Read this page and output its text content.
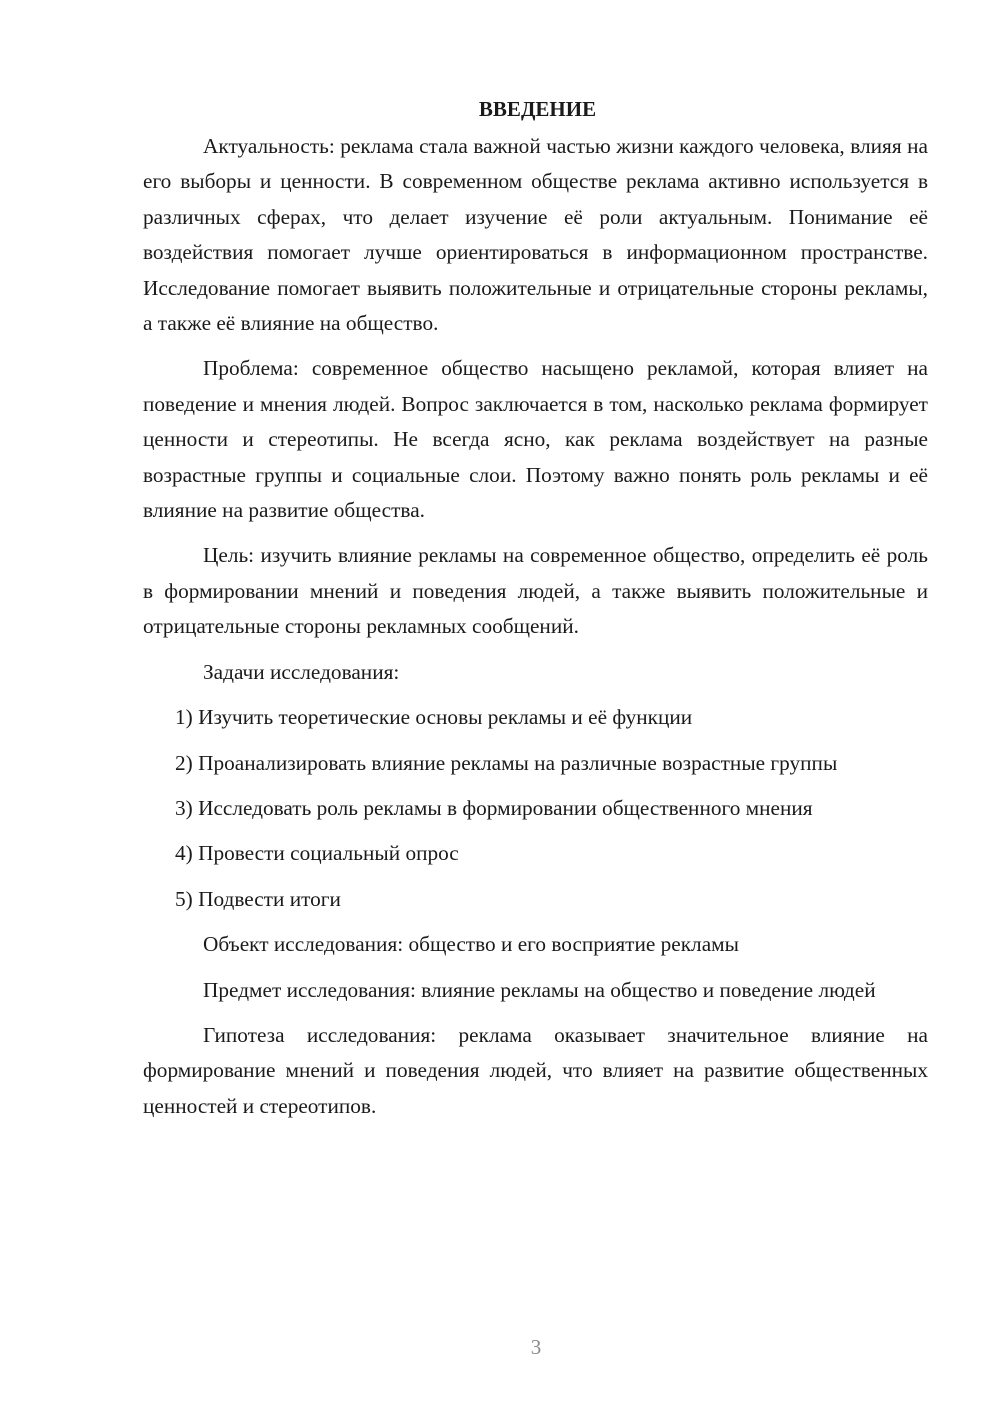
ВВЕДЕНИЕ

Актуальность: реклама стала важной частью жизни каждого человека, влияя на его выборы и ценности. В современном обществе реклама активно используется в различных сферах, что делает изучение её роли актуальным. Понимание её воздействия помогает лучше ориентироваться в информационном пространстве. Исследование помогает выявить положительные и отрицательные стороны рекламы, а также её влияние на общество.

Проблема: современное общество насыщено рекламой, которая влияет на поведение и мнения людей. Вопрос заключается в том, насколько реклама формирует ценности и стереотипы. Не всегда ясно, как реклама воздействует на разные возрастные группы и социальные слои. Поэтому важно понять роль рекламы и её влияние на развитие общества.

Цель: изучить влияние рекламы на современное общество, определить её роль в формировании мнений и поведения людей, а также выявить положительные и отрицательные стороны рекламных сообщений.

Задачи исследования:

1) Изучить теоретические основы рекламы и её функции

2) Проанализировать влияние рекламы на различные возрастные группы

3) Исследовать роль рекламы в формировании общественного мнения

4) Провести социальный опрос

5) Подвести итоги

Объект исследования: общество и его восприятие рекламы

Предмет исследования: влияние рекламы на общество и поведение людей

Гипотеза исследования: реклама оказывает значительное влияние на формирование мнений и поведения людей, что влияет на развитие общественных ценностей и стереотипов.

3
